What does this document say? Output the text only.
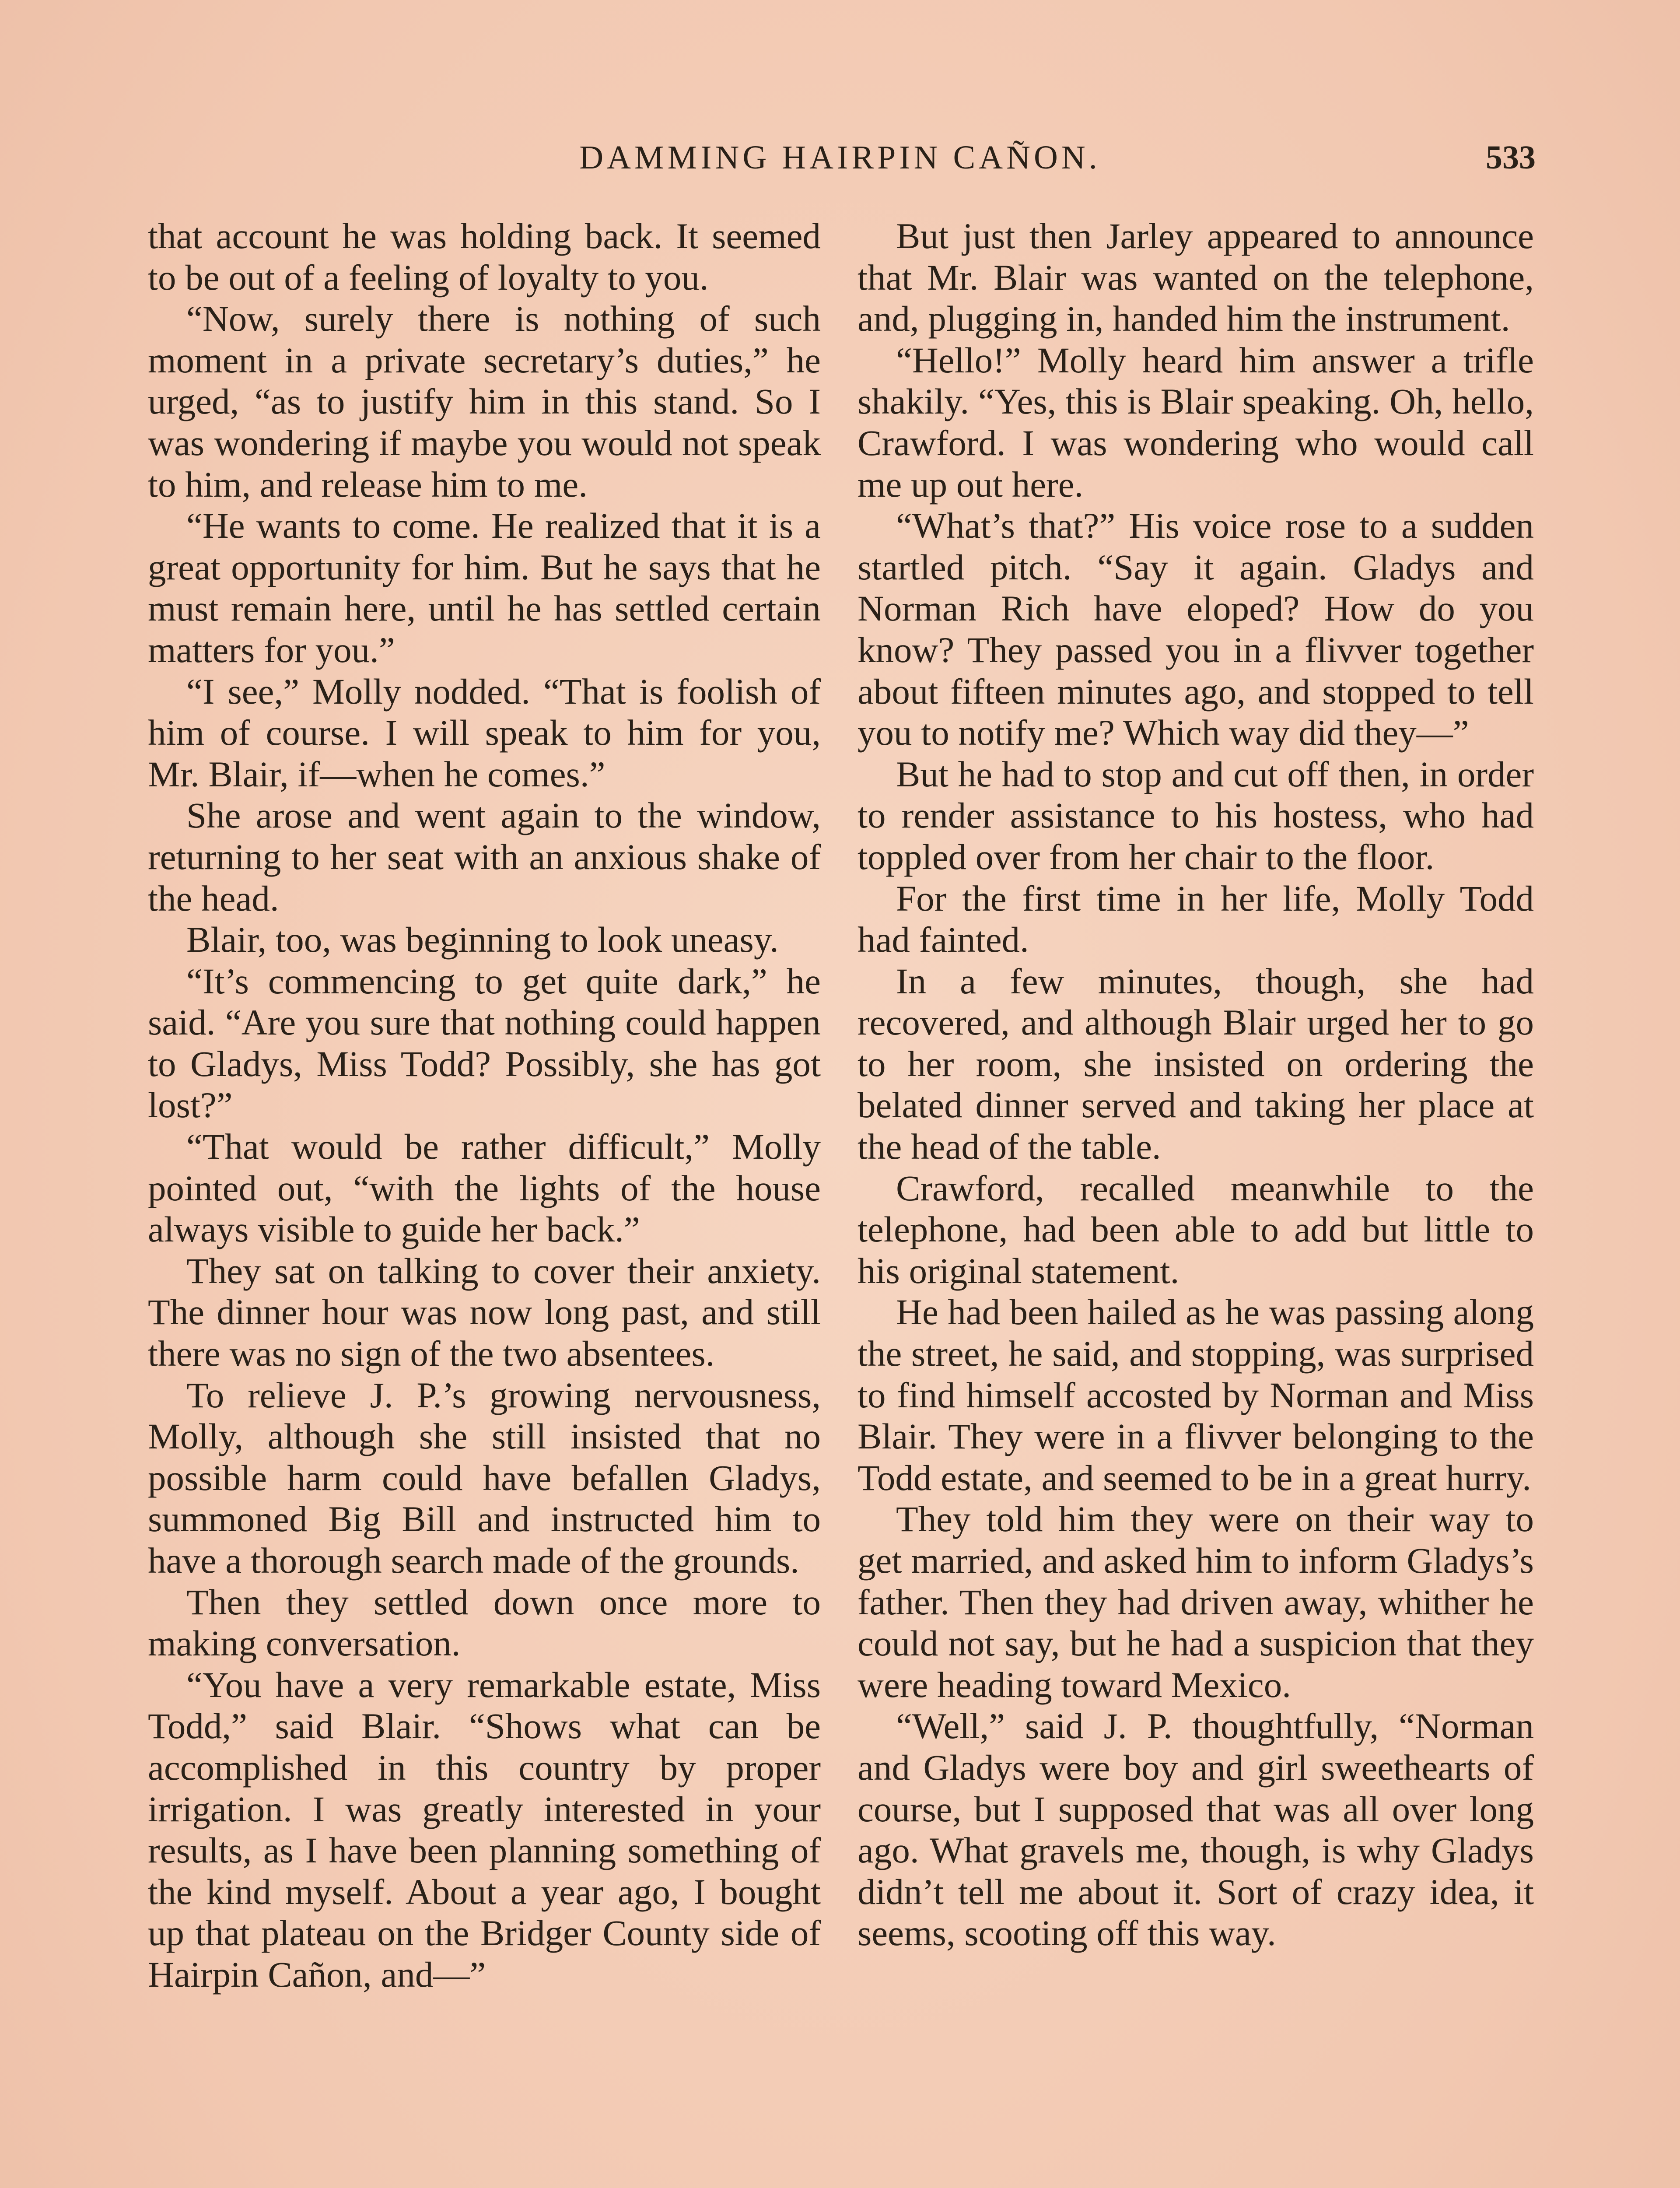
DAMMING HAIRPIN CAÑON.	533

that account he was holding back. It seemed to be out of a feeling of loyalty to you.

“Now, surely there is nothing of such moment in a private secretary’s duties,” he urged, “as to justify him in this stand. So I was wondering if maybe you would not speak to him, and release him to me.

“He wants to come. He realized that it is a great opportunity for him. But he says that he must remain here, until he has settled certain matters for you.”

“I see,” Molly nodded. “That is foolish of him of course. I will speak to him for you, Mr. Blair, if—when he comes.”

She arose and went again to the window, returning to her seat with an anxious shake of the head.

Blair, too, was beginning to look uneasy.

“It’s commencing to get quite dark,” he said. “Are you sure that nothing could happen to Gladys, Miss Todd? Possibly, she has got lost?”

“That would be rather difficult,” Molly pointed out, “with the lights of the house always visible to guide her back.”

They sat on talking to cover their anxiety. The dinner hour was now long past, and still there was no sign of the two absentees.

To relieve J. P.’s growing nervousness, Molly, although she still insisted that no possible harm could have befallen Gladys, summoned Big Bill and instructed him to have a thorough search made of the grounds.

Then they settled down once more to making conversation.

“You have a very remarkable estate, Miss Todd,” said Blair. “Shows what can be accomplished in this country by proper irrigation. I was greatly interested in your results, as I have been planning something of the kind myself. About a year ago, I bought up that plateau on the Bridger County side of Hairpin Cañon, and—”

But just then Jarley appeared to announce that Mr. Blair was wanted on the telephone, and, plugging in, handed him the instrument.

“Hello!” Molly heard him answer a trifle shakily. “Yes, this is Blair speaking. Oh, hello, Crawford. I was wondering who would call me up out here.

“What’s that?” His voice rose to a sudden startled pitch. “Say it again. Gladys and Norman Rich have eloped? How do you know? They passed you in a flivver together about fifteen minutes ago, and stopped to tell you to notify me? Which way did they—”

But he had to stop and cut off then, in order to render assistance to his hostess, who had toppled over from her chair to the floor.

For the first time in her life, Molly Todd had fainted.

In a few minutes, though, she had recovered, and although Blair urged her to go to her room, she insisted on ordering the belated dinner served and taking her place at the head of the table.

Crawford, recalled meanwhile to the telephone, had been able to add but little to his original statement.

He had been hailed as he was passing along the street, he said, and stopping, was surprised to find himself accosted by Norman and Miss Blair. They were in a flivver belonging to the Todd estate, and seemed to be in a great hurry.

They told him they were on their way to get married, and asked him to inform Gladys’s father. Then they had driven away, whither he could not say, but he had a suspicion that they were heading toward Mexico.

“Well,” said J. P. thoughtfully, “Norman and Gladys were boy and girl sweethearts of course, but I supposed that was all over long ago. What gravels me, though, is why Gladys didn’t tell me about it. Sort of crazy idea, it seems, scooting off this way.
